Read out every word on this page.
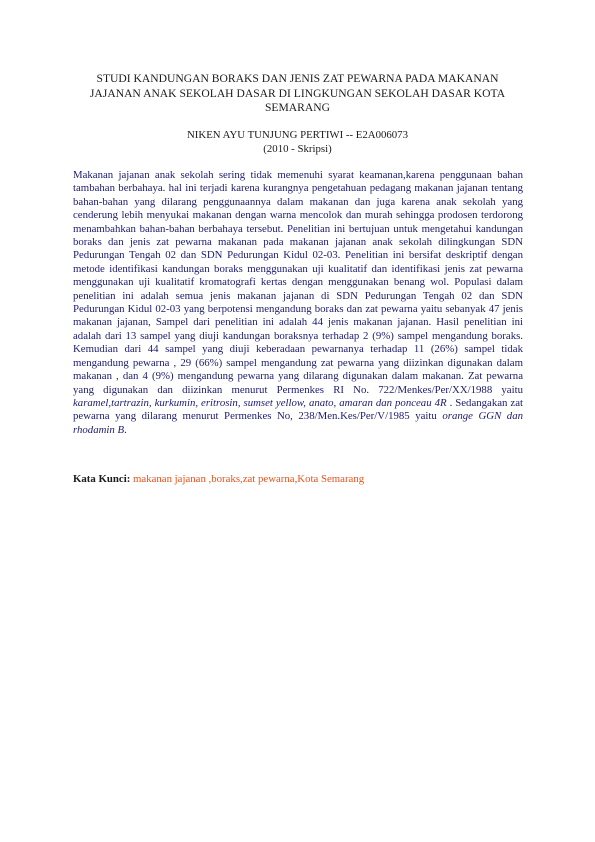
STUDI KANDUNGAN BORAKS DAN JENIS ZAT PEWARNA PADA MAKANAN
JAJANAN ANAK SEKOLAH DASAR DI LINGKUNGAN SEKOLAH DASAR KOTA
SEMARANG
NIKEN AYU TUNJUNG PERTIWI -- E2A006073
(2010 - Skripsi)

Makanan jajanan anak sekolah sering tidak memenuhi syarat keamanan,karena penggunaan bahan tambahan berbahaya. hal ini terjadi karena kurangnya pengetahuan pedagang makanan jajanan tentang bahan-bahan yang dilarang penggunaannya dalam makanan dan juga karena anak sekolah yang cenderung lebih menyukai makanan dengan warna mencolok dan murah sehingga prodosen terdorong menambahkan bahan-bahan berbahaya tersebut. Penelitian ini bertujuan untuk mengetahui kandungan boraks dan jenis zat pewarna makanan pada makanan jajanan anak sekolah dilingkungan SDN Pedurungan Tengah 02 dan SDN Pedurungan Kidul 02-03. Penelitian ini bersifat deskriptif dengan metode identifikasi kandungan boraks menggunakan uji kualitatif dan identifikasi jenis zat pewarna menggunakan uji kualitatif kromatografi kertas dengan menggunakan benang wol. Populasi dalam penelitian ini adalah semua jenis makanan jajanan di SDN Pedurungan Tengah 02 dan SDN Pedurungan Kidul 02-03 yang berpotensi mengandung boraks dan zat pewarna yaitu sebanyak 47 jenis makanan jajanan, Sampel dari penelitian ini adalah 44 jenis makanan jajanan. Hasil penelitian ini adalah dari 13 sampel yang diuji kandungan boraksnya terhadap 2 (9%) sampel mengandung boraks. Kemudian dari 44 sampel yang diuji keberadaan pewarnanya terhadap 11 (26%) sampel tidak mengandung pewarna , 29 (66%) sampel mengandung zat pewarna yang diizinkan digunakan dalam makanan , dan 4 (9%) mengandung pewarna yang dilarang digunakan dalam makanan. Zat pewarna yang digunakan dan diizinkan menurut Permenkes RI No. 722/Menkes/Per/XX/1988 yaitu karamel,tartrazin, kurkumin, eritrosin, sumset yellow, anato, amaran dan ponceau 4R . Sedangakan zat pewarna yang dilarang menurut Permenkes No, 238/Men.Kes/Per/V/1985 yaitu orange GGN dan rhodamin B.

Kata Kunci: makanan jajanan ,boraks,zat pewarna,Kota Semarang
